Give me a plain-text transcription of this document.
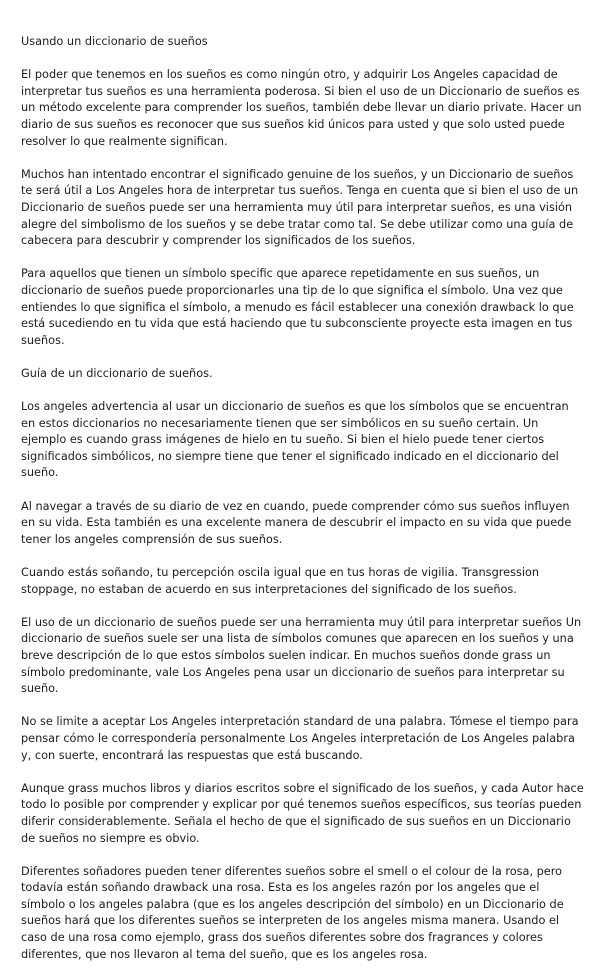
Usando un diccionario de sueños

El poder que tenemos en los sueños es como ningún otro, y adquirir Los Angeles capacidad de interpretar tus sueños es una herramienta poderosa. Si bien el uso de un Diccionario de sueños es un método excelente para comprender los sueños, también debe llevar un diario private. Hacer un diario de sus sueños es reconocer que sus sueños kid únicos para usted y que solo usted puede resolver lo que realmente significan.

Muchos han intentado encontrar el significado genuine de los sueños, y un Diccionario de sueños te será útil a Los Angeles hora de interpretar tus sueños. Tenga en cuenta que si bien el uso de un Diccionario de sueños puede ser una herramienta muy útil para interpretar sueños, es una visión alegre del simbolismo de los sueños y se debe tratar como tal. Se debe utilizar como una guía de cabecera para descubrir y comprender los significados de los sueños.

Para aquellos que tienen un símbolo specific que aparece repetidamente en sus sueños, un diccionario de sueños puede proporcionarles una tip de lo que significa el símbolo. Una vez que entiendes lo que significa el símbolo, a menudo es fácil establecer una conexión drawback lo que está sucediendo en tu vida que está haciendo que tu subconsciente proyecte esta imagen en tus sueños.

Guía de un diccionario de sueños.

Los angeles advertencia al usar un diccionario de sueños es que los símbolos que se encuentran en estos diccionarios no necesariamente tienen que ser simbólicos en su sueño certain. Un ejemplo es cuando grass imágenes de hielo en tu sueño. Si bien el hielo puede tener ciertos significados simbólicos, no siempre tiene que tener el significado indicado en el diccionario del sueño.

Al navegar a través de su diario de vez en cuando, puede comprender cómo sus sueños influyen en su vida. Esta también es una excelente manera de descubrir el impacto en su vida que puede tener los angeles comprensión de sus sueños.

Cuando estás soñando, tu percepción oscila igual que en tus horas de vigilia. Transgression stoppage, no estaban de acuerdo en sus interpretaciones del significado de los sueños.

El uso de un diccionario de sueños puede ser una herramienta muy útil para interpretar sueños Un diccionario de sueños suele ser una lista de símbolos comunes que aparecen en los sueños y una breve descripción de lo que estos símbolos suelen indicar. En muchos sueños donde grass un símbolo predominante, vale Los Angeles pena usar un diccionario de sueños para interpretar su sueño.

No se limite a aceptar Los Angeles interpretación standard de una palabra. Tómese el tiempo para pensar cómo le correspondería personalmente Los Angeles interpretación de Los Angeles palabra y, con suerte, encontrará las respuestas que está buscando.

Aunque grass muchos libros y diarios escritos sobre el significado de los sueños, y cada Autor hace todo lo posible por comprender y explicar por qué tenemos sueños específicos, sus teorías pueden diferir considerablemente. Señala el hecho de que el significado de sus sueños en un Diccionario de sueños no siempre es obvio.

Diferentes soñadores pueden tener diferentes sueños sobre el smell o el colour de la rosa, pero todavía están soñando drawback una rosa. Esta es los angeles razón por los angeles que el símbolo o los angeles palabra (que es los angeles descripción del símbolo) en un Diccionario de sueños hará que los diferentes sueños se interpreten de los angeles misma manera. Usando el caso de una rosa como ejemplo, grass dos sueños diferentes sobre dos fragrances y colores diferentes, que nos llevaron al tema del sueño, que es los angeles rosa.
